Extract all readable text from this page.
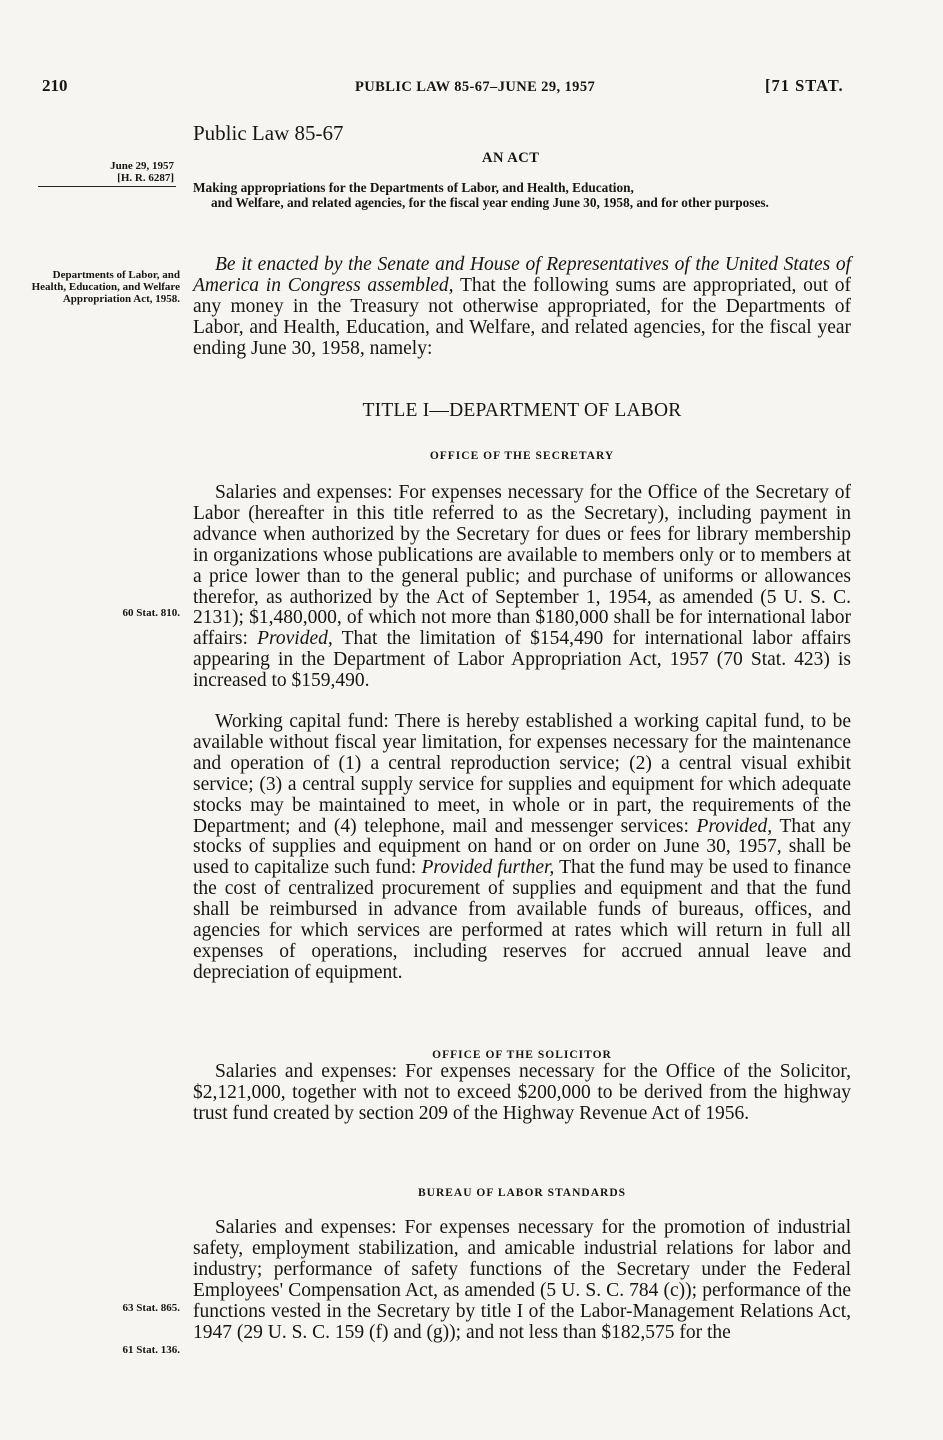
210	PUBLIC LAW 85-67–JUNE 29, 1957	[71 STAT.
Public Law 85-67
AN ACT
June 29, 1957
[H. R. 6287]
Making appropriations for the Departments of Labor, and Health, Education,
and Welfare, and related agencies, for the fiscal year ending June 30, 1958, and for other purposes.
Departments of Labor, and Health, Education, and Welfare Appropriation Act, 1958.

Be it enacted by the Senate and House of Representatives of the United States of America in Congress assembled, That the following sums are appropriated, out of any money in the Treasury not otherwise appropriated, for the Departments of Labor, and Health, Education, and Welfare, and related agencies, for the fiscal year ending June 30, 1958, namely:

TITLE I—DEPARTMENT OF LABOR
OFFICE OF THE SECRETARY
60 Stat. 810.

Salaries and expenses: For expenses necessary for the Office of the Secretary of Labor (hereafter in this title referred to as the Secretary), including payment in advance when authorized by the Secretary for dues or fees for library membership in organizations whose publications are available to members only or to members at a price lower than to the general public; and purchase of uniforms or allowances therefor, as authorized by the Act of September 1, 1954, as amended (5 U. S. C. 2131); $1,480,000, of which not more than $180,000 shall be for international labor affairs: Provided, That the limitation of $154,490 for international labor affairs appearing in the Department of Labor Appropriation Act, 1957 (70 Stat. 423) is increased to $159,490.

Working capital fund: There is hereby established a working capital fund, to be available without fiscal year limitation, for expenses necessary for the maintenance and operation of (1) a central reproduction service; (2) a central visual exhibit service; (3) a central supply service for supplies and equipment for which adequate stocks may be maintained to meet, in whole or in part, the requirements of the Department; and (4) telephone, mail and messenger services: Provided, That any stocks of supplies and equipment on hand or on order on June 30, 1957, shall be used to capitalize such fund: Provided further, That the fund may be used to finance the cost of centralized procurement of supplies and equipment and that the fund shall be reimbursed in advance from available funds of bureaus, offices, and agencies for which services are performed at rates which will return in full all expenses of operations, including reserves for accrued annual leave and depreciation of equipment.

OFFICE OF THE SOLICITOR

Salaries and expenses: For expenses necessary for the Office of the Solicitor, $2,121,000, together with not to exceed $200,000 to be derived from the highway trust fund created by section 209 of the Highway Revenue Act of 1956.

BUREAU OF LABOR STANDARDS
63 Stat. 865.
61 Stat. 136.

Salaries and expenses: For expenses necessary for the promotion of industrial safety, employment stabilization, and amicable industrial relations for labor and industry; performance of safety functions of the Secretary under the Federal Employees' Compensation Act, as amended (5 U. S. C. 784 (c)); performance of the functions vested in the Secretary by title I of the Labor-Management Relations Act, 1947 (29 U. S. C. 159 (f) and (g)); and not less than $182,575 for the
